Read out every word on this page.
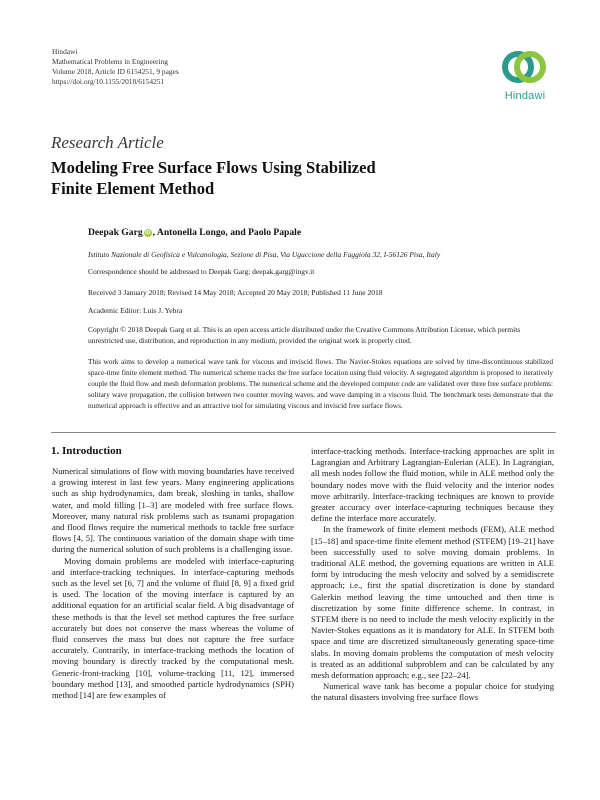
Hindawi
Mathematical Problems in Engineering
Volume 2018, Article ID 6154251, 9 pages
https://doi.org/10.1155/2018/6154251
Hindawi
Research Article
Modeling Free Surface Flows Using Stabilized
Finite Element Method
Deepak Garg iD , Antonella Longo, and Paolo Papale
Istituto Nazionale di Geofisica e Vulcanologia, Sezione di Pisa, Via Uguccione della Faggiola 32, I-56126 Pisa, Italy
Correspondence should be addressed to Deepak Garg; deepak.garg@ingv.it
Received 3 January 2018; Revised 14 May 2018; Accepted 20 May 2018; Published 11 June 2018
Academic Editor: Luis J. Yebra
Copyright © 2018 Deepak Garg et al. This is an open access article distributed under the Creative Commons Attribution License, which permits unrestricted use, distribution, and reproduction in any medium, provided the original work is properly cited.
This work aims to develop a numerical wave tank for viscous and inviscid flows. The Navier-Stokes equations are solved by time-discontinuous stabilized space-time finite element method. The numerical scheme tracks the free surface location using fluid velocity. A segregated algorithm is proposed to iteratively couple the fluid flow and mesh deformation problems. The numerical scheme and the developed computer code are validated over three free surface problems: solitary wave propagation, the collision between two counter moving waves, and wave damping in a viscous fluid. The benchmark tests demonstrate that the numerical approach is effective and an attractive tool for simulating viscous and inviscid free surface flows.
1. Introduction

Numerical simulations of flow with moving boundaries have received a growing interest in last few years. Many engineering applications such as ship hydrodynamics, dam break, sloshing in tanks, shallow water, and mold filling [1–3] are modeled with free surface flows. Moreover, many natural risk problems such as tsunami propagation and flood flows require the numerical methods to tackle free surface flows [4, 5]. The continuous variation of the domain shape with time during the numerical solution of such problems is a challenging issue.

Moving domain problems are modeled with interface-capturing and interface-tracking techniques. In interface-capturing methods such as the level set [6, 7] and the volume of fluid [8, 9] a fixed grid is used. The location of the moving interface is captured by an additional equation for an artificial scalar field. A big disadvantage of these methods is that the level set method captures the free surface accurately but does not conserve the mass whereas the volume of fluid conserves the mass but does not capture the free surface accurately. Contrarily, in interface-tracking methods the location of moving boundary is directly tracked by the computational mesh. Generic-front-tracking [10], volume-tracking [11, 12], immersed boundary method [13], and smoothed particle hydrodynamics (SPH) method [14] are few examples of

interface-tracking methods. Interface-tracking approaches are split in Lagrangian and Arbitrary Lagrangian-Eulerian (ALE). In Lagrangian, all mesh nodes follow the fluid motion, while in ALE method only the boundary nodes move with the fluid velocity and the interior nodes move arbitrarily. Interface-tracking techniques are known to provide greater accuracy over interface-capturing techniques because they define the interface more accurately.

In the framework of finite element methods (FEM), ALE method [15–18] and space-time finite element method (STFEM) [19–21] have been successfully used to solve moving domain problems. In traditional ALE method, the governing equations are written in ALE form by introducing the mesh velocity and solved by a semidiscrete approach; i.e., first the spatial discretization is done by standard Galerkin method leaving the time untouched and then time is discretization by some finite difference scheme. In contrast, in STFEM there is no need to include the mesh velocity explicitly in the Navier-Stokes equations as it is mandatory for ALE. In STFEM both space and time are discretized simultaneously generating space-time slabs. In moving domain problems the computation of mesh velocity is treated as an additional subproblem and can be calculated by any mesh deformation approach; e.g., see [22–24].

Numerical wave tank has become a popular choice for studying the natural disasters involving free surface flows
